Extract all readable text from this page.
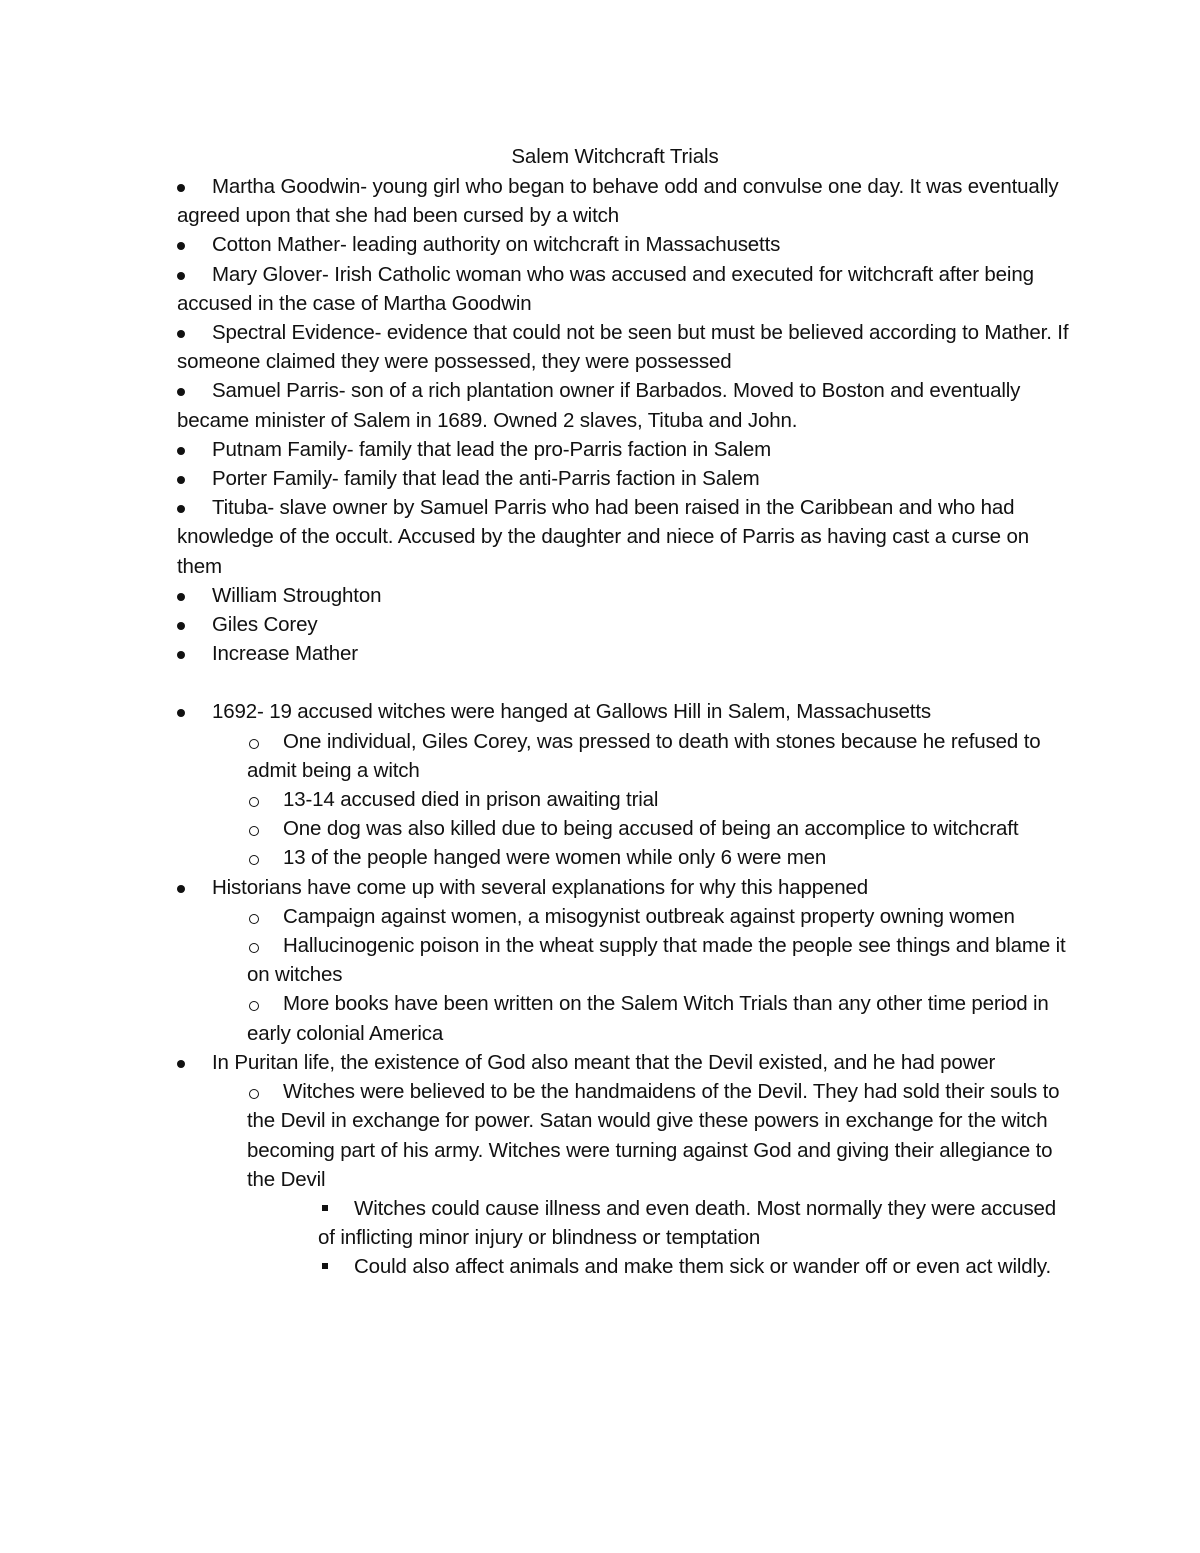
Salem Witchcraft Trials
Martha Goodwin- young girl who began to behave odd and convulse one day. It was eventually agreed upon that she had been cursed by a witch
Cotton Mather- leading authority on witchcraft in Massachusetts
Mary Glover- Irish Catholic woman who was accused and executed for witchcraft after being accused in the case of Martha Goodwin
Spectral Evidence- evidence that could not be seen but must be believed according to Mather. If someone claimed they were possessed, they were possessed
Samuel Parris- son of a rich plantation owner if Barbados. Moved to Boston and eventually became minister of Salem in 1689. Owned 2 slaves, Tituba and John.
Putnam Family- family that lead the pro-Parris faction in Salem
Porter Family- family that lead the anti-Parris faction in Salem
Tituba- slave owner by Samuel Parris who had been raised in the Caribbean and who had knowledge of the occult. Accused by the daughter and niece of Parris as having cast a curse on them
William Stroughton
Giles Corey
Increase Mather
1692- 19 accused witches were hanged at Gallows Hill in Salem, Massachusetts
One individual, Giles Corey, was pressed to death with stones because he refused to admit being a witch
13-14 accused died in prison awaiting trial
One dog was also killed due to being accused of being an accomplice to witchcraft
13 of the people hanged were women while only 6 were men
Historians have come up with several explanations for why this happened
Campaign against women, a misogynist outbreak against property owning women
Hallucinogenic poison in the wheat supply that made the people see things and blame it on witches
More books have been written on the Salem Witch Trials than any other time period in early colonial America
In Puritan life, the existence of God also meant that the Devil existed, and he had power
Witches were believed to be the handmaidens of the Devil. They had sold their souls to the Devil in exchange for power. Satan would give these powers in exchange for the witch becoming part of his army. Witches were turning against God and giving their allegiance to the Devil
Witches could cause illness and even death. Most normally they were accused of inflicting minor injury or blindness or temptation
Could also affect animals and make them sick or wander off or even act wildly.
